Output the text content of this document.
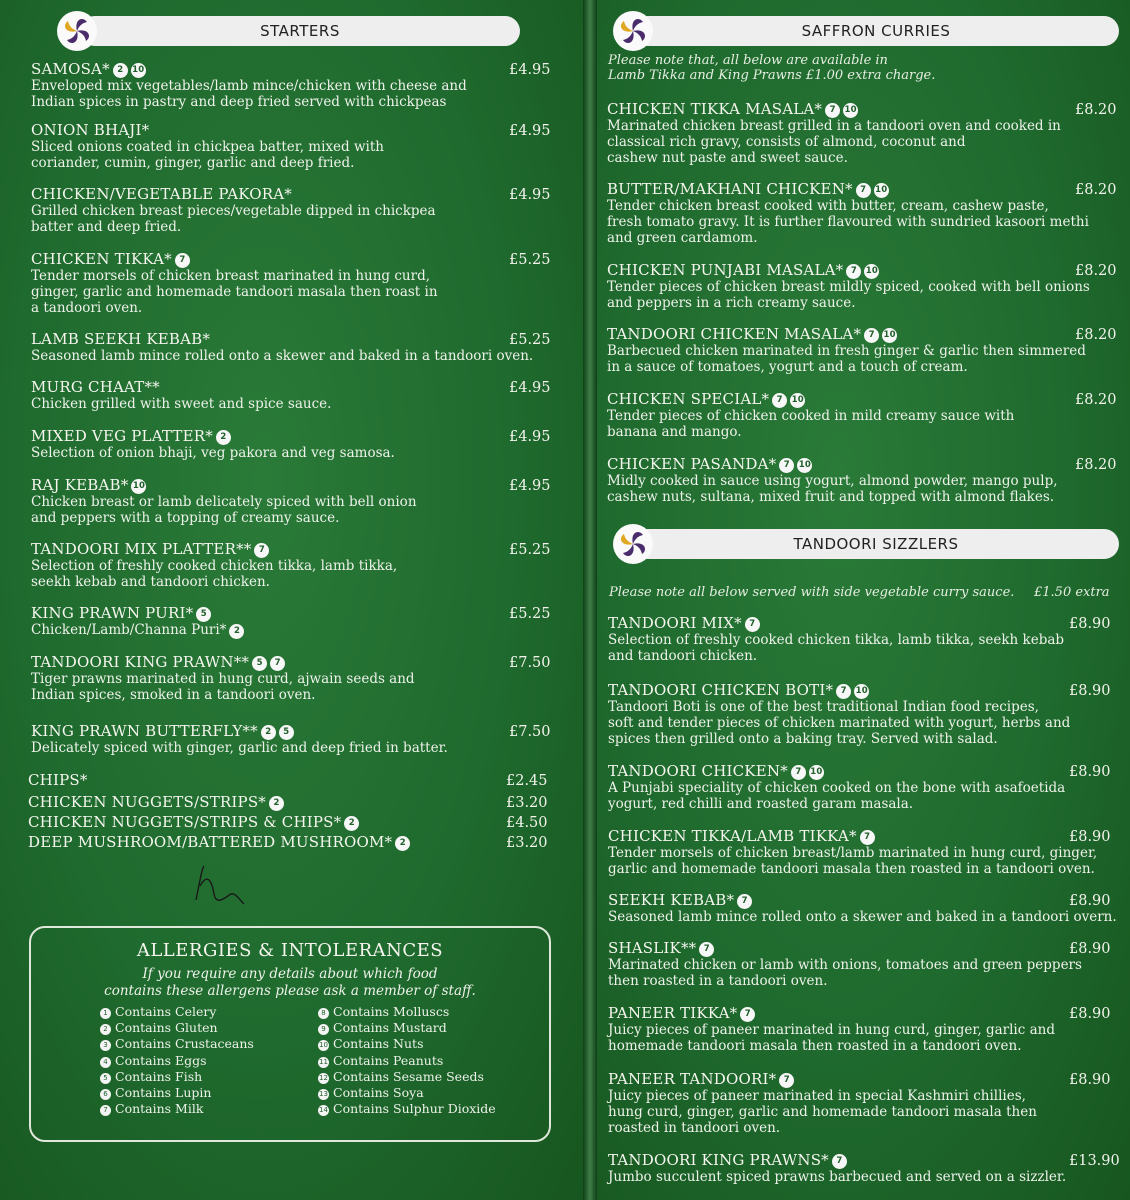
STARTERS
SAMOSA* 2 10
Enveloped mix vegetables/lamb mince/chicken with cheese and
Indian spices in pastry and deep fried served with chickpeas
£4.95
ONION BHAJI*
Sliced onions coated in chickpea batter, mixed with
coriander, cumin, ginger, garlic and deep fried.
£4.95
CHICKEN/VEGETABLE PAKORA*
Grilled chicken breast pieces/vegetable dipped in chickpea
batter and deep fried.
£4.95
CHICKEN TIKKA* 7
Tender morsels of chicken breast marinated in hung curd,
ginger, garlic and homemade tandoori masala then roast in
a tandoori oven.
£5.25
LAMB SEEKH KEBAB*
Seasoned lamb mince rolled onto a skewer and baked in a tandoori oven.
£5.25
MURG CHAAT**
Chicken grilled with sweet and spice sauce.
£4.95
MIXED VEG PLATTER* 2
Selection of onion bhaji, veg pakora and veg samosa.
£4.95
RAJ KEBAB* 10
Chicken breast or lamb delicately spiced with bell onion
and peppers with a topping of creamy sauce.
£4.95
TANDOORI MIX PLATTER** 7
Selection of freshly cooked chicken tikka, lamb tikka,
seekh kebab and tandoori chicken.
£5.25
KING PRAWN PURI* 5
Chicken/Lamb/Channa Puri* 2
£5.25
TANDOORI KING PRAWN** 5 7
Tiger prawns marinated in hung curd, ajwain seeds and
Indian spices, smoked in a tandoori oven.
£7.50
KING PRAWN BUTTERFLY** 2 5
Delicately spiced with ginger, garlic and deep fried in batter.
£7.50
CHIPS*	£2.45
CHICKEN NUGGETS/STRIPS* 2	£3.20
CHICKEN NUGGETS/STRIPS & CHIPS* 2	£4.50
DEEP MUSHROOM/BATTERED MUSHROOM* 2	£3.20
ALLERGIES & INTOLERANCES
If you require any details about which food
contains these allergens please ask a member of staff.
1 Contains Celery
2 Contains Gluten
3 Contains Crustaceans
4 Contains Eggs
5 Contains Fish
6 Contains Lupin
7 Contains Milk
8 Contains Molluscs
9 Contains Mustard
10 Contains Nuts
11 Contains Peanuts
12 Contains Sesame Seeds
13 Contains Soya
14 Contains Sulphur Dioxide
SAFFRON CURRIES
Please note that, all below are available in
Lamb Tikka and King Prawns £1.00 extra charge.
CHICKEN TIKKA MASALA* 7 10
Marinated chicken breast grilled in a tandoori oven and cooked in
classical rich gravy, consists of almond, coconut and
cashew nut paste and sweet sauce.
£8.20
BUTTER/MAKHANI CHICKEN* 7 10
Tender chicken breast cooked with butter, cream, cashew paste,
fresh tomato gravy. It is further flavoured with sundried kasoori methi
and green cardamom.
£8.20
CHICKEN PUNJABI MASALA* 7 10
Tender pieces of chicken breast mildly spiced, cooked with bell onions
and peppers in a rich creamy sauce.
£8.20
TANDOORI CHICKEN MASALA* 7 10
Barbecued chicken marinated in fresh ginger & garlic then simmered
in a sauce of tomatoes, yogurt and a touch of cream.
£8.20
CHICKEN SPECIAL* 7 10
Tender pieces of chicken cooked in mild creamy sauce with
banana and mango.
£8.20
CHICKEN PASANDA* 7 10
Midly cooked in sauce using yogurt, almond powder, mango pulp,
cashew nuts, sultana, mixed fruit and topped with almond flakes.
£8.20
TANDOORI SIZZLERS
Please note all below served with side vegetable curry sauce. £1.50 extra
TANDOORI MIX* 7
Selection of freshly cooked chicken tikka, lamb tikka, seekh kebab
and tandoori chicken.
£8.90
TANDOORI CHICKEN BOTI* 7 10
Tandoori Boti is one of the best traditional Indian food recipes,
soft and tender pieces of chicken marinated with yogurt, herbs and
spices then grilled onto a baking tray. Served with salad.
£8.90
TANDOORI CHICKEN* 7 10
A Punjabi speciality of chicken cooked on the bone with asafoetida
yogurt, red chilli and roasted garam masala.
£8.90
CHICKEN TIKKA/LAMB TIKKA* 7
Tender morsels of chicken breast/lamb marinated in hung curd, ginger,
garlic and homemade tandoori masala then roasted in a tandoori oven.
£8.90
SEEKH KEBAB* 7
Seasoned lamb mince rolled onto a skewer and baked in a tandoori overn.
£8.90
SHASLIK** 7
Marinated chicken or lamb with onions, tomatoes and green peppers
then roasted in a tandoori oven.
£8.90
PANEER TIKKA* 7
Juicy pieces of paneer marinated in hung curd, ginger, garlic and
homemade tandoori masala then roasted in a tandoori oven.
£8.90
PANEER TANDOORI* 7
Juicy pieces of paneer marinated in special Kashmiri chillies,
hung curd, ginger, garlic and homemade tandoori masala then
roasted in tandoori oven.
£8.90
TANDOORI KING PRAWNS* 7
Jumbo succulent spiced prawns barbecued and served on a sizzler.
£13.90
